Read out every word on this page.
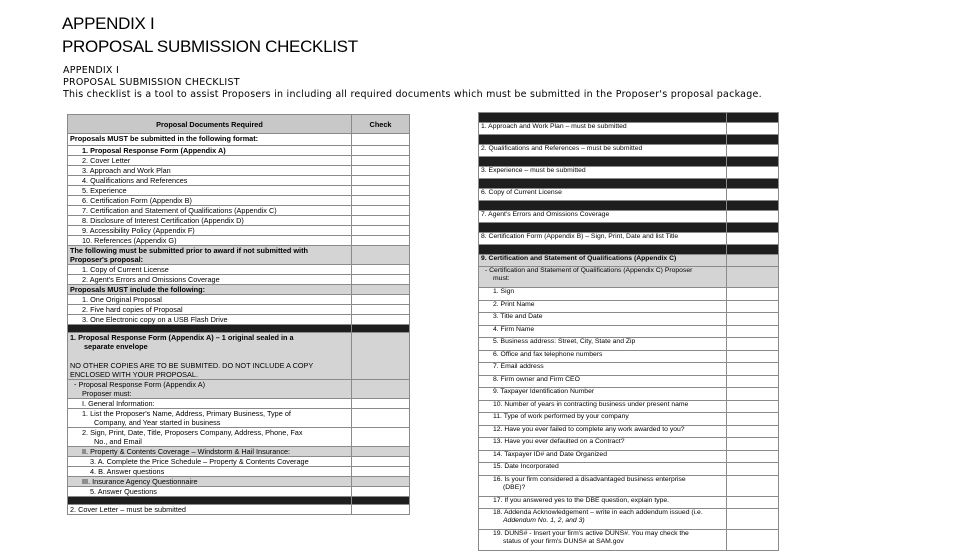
APPENDIX I
PROPOSAL SUBMISSION CHECKLIST
APPENDIX I
PROPOSAL SUBMISSION CHECKLIST
This checklist is a tool to assist Proposers in including all required documents which must be submitted in the Proposer's proposal package.
Proposal Documents Required	Check
Proposals MUST be submitted in the following format:	
1. Proposal Response Form (Appendix A)	
2. Cover Letter	
3. Approach and Work Plan	
4. Qualifications and References	
5. Experience	
6. Certification Form (Appendix B)	
7. Certification and Statement of Qualifications (Appendix C)	
8. Disclosure of Interest Certification (Appendix D)	
9. Accessibility Policy (Appendix F)	
10. References (Appendix G)	

The following must be submitted prior to award if not submitted with
Proposer's proposal:	

1. Copy of Current License	
2. Agent's Errors and Omissions Coverage	
Proposals MUST include the following:	
1. One Original Proposal	
2. Five hard copies of Proposal	
3. One Electronic copy on a USB Flash Drive	

1. Proposal Response Form (Appendix A) – 1 original sealed in a
separate envelope
NO OTHER COPIES ARE TO BE SUBMITED. DO NOT INCLUDE A COPY
ENCLOSED WITH YOUR PROPOSAL.	

- Proposal Response Form (Appendix A)
Proposer must:	

I. General Information:	

1. List the Proposer's Name, Address, Primary Business, Type of
Company, and Year started in business	

2. Sign, Print, Date, Title, Proposers Company, Address, Phone, Fax
No., and Email	

II. Property & Contents Coverage – Windstorm & Hail Insurance:	
3. A. Complete the Price Schedule – Property & Contents Coverage	
4. B. Answer questions	
III. Insurance Agency Questionnaire	
5. Answer Questions	

2. Cover Letter – must be submitted	

1. Approach and Work Plan – must be submitted	

2. Qualifications and References – must be submitted	

3. Experience – must be submitted	

6. Copy of Current License	

7. Agent's Errors and Omissions Coverage	

8. Certification Form (Appendix B) – Sign, Print, Date and list Title	

9. Certification and Statement of Qualifications (Appendix C)	

- Certification and Statement of Qualifications (Appendix C) Proposer
must:	

1. Sign	
2. Print Name	
3. Title and Date	
4. Firm Name	
5. Business address: Street, City, State and Zip	
6. Office and fax telephone numbers	
7. Email address	
8. Firm owner and Firm CEO	
9. Taxpayer Identification Number	
10. Number of years in contracting business under present name	
11. Type of work performed by your company	
12. Have you ever failed to complete any work awarded to you?	
13. Have you ever defaulted on a Contract?	
14. Taxpayer ID# and Date Organized	
15. Date Incorporated	

16. Is your firm considered a disadvantaged business enterprise
(DBE)?	

17. If you answered yes to the DBE question, explain type.	

18. Addenda Acknowledgement – write in each addendum issued (i.e.
Addendum No. 1, 2, and 3)	

19. DUNS# - Insert your firm's active DUNS#. You may check the
status of your firm's DUNS# at SAM.gov	
